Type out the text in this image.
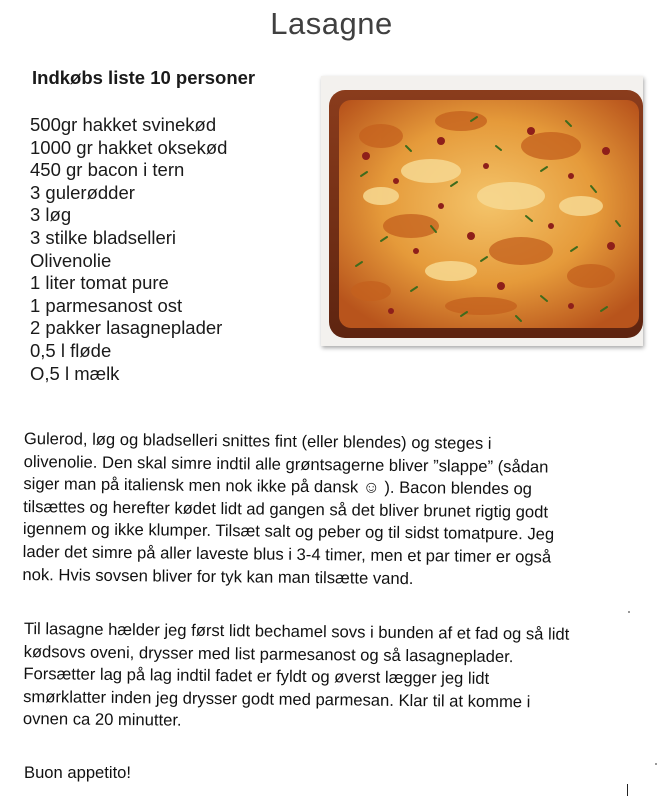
Lasagne
Indkøbs liste 10 personer
500gr hakket svinekød
1000 gr hakket oksekød
450 gr bacon i tern
3 gulerødder
3 løg
3 stilke bladselleri
Olivenolie
1 liter tomat pure
1 parmesanost ost
2 pakker lasagneplader
0,5 l fløde
O,5 l mælk

Gulerod, løg og bladselleri snittes fint (eller blendes) og steges i
olivenolie. Den skal simre indtil alle grøntsagerne bliver ”slappe” (sådan
siger man på italiensk men nok ikke på dansk ☺ ). Bacon blendes og
tilsættes og herefter kødet lidt ad gangen så det bliver brunet rigtig godt
igennem og ikke klumper. Tilsæt salt og peber og til sidst tomatpure. Jeg
lader det simre på aller laveste blus i 3-4 timer, men et par timer er også
nok. Hvis sovsen bliver for tyk kan man tilsætte vand.

Til lasagne hælder jeg først lidt bechamel sovs i bunden af et fad og så lidt
kødsovs oveni, drysser med list parmesanost og så lasagneplader.
Forsætter lag på lag indtil fadet er fyldt og øverst lægger jeg lidt
smørklatter inden jeg drysser godt med parmesan. Klar til at komme i
ovnen ca 20 minutter.

Buon appetito!
